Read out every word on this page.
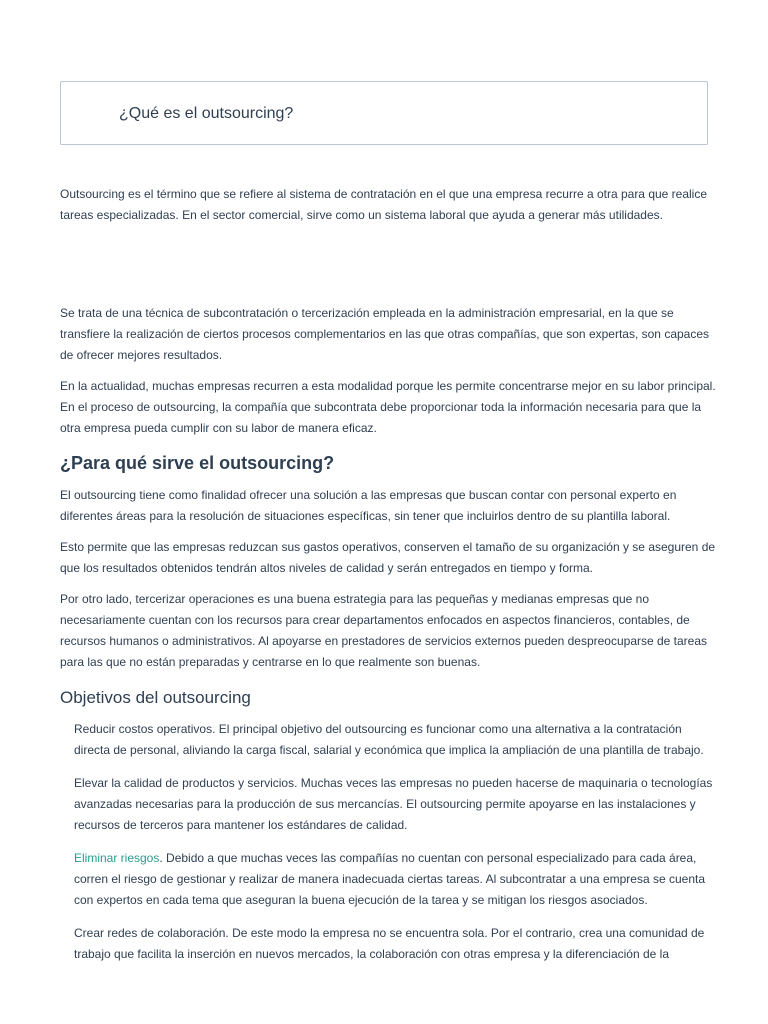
¿Qué es el outsourcing?

Outsourcing es el término que se refiere al sistema de contratación en el que una empresa recurre a otra para que realice tareas especializadas. En el sector comercial, sirve como un sistema laboral que ayuda a generar más utilidades.

Se trata de una técnica de subcontratación o tercerización empleada en la administración empresarial, en la que se transfiere la realización de ciertos procesos complementarios en las que otras compañías, que son expertas, son capaces de ofrecer mejores resultados.

En la actualidad, muchas empresas recurren a esta modalidad porque les permite concentrarse mejor en su labor principal. En el proceso de outsourcing, la compañía que subcontrata debe proporcionar toda la información necesaria para que la otra empresa pueda cumplir con su labor de manera eficaz.

¿Para qué sirve el outsourcing?

El outsourcing tiene como finalidad ofrecer una solución a las empresas que buscan contar con personal experto en diferentes áreas para la resolución de situaciones específicas, sin tener que incluirlos dentro de su plantilla laboral.

Esto permite que las empresas reduzcan sus gastos operativos, conserven el tamaño de su organización y se aseguren de que los resultados obtenidos tendrán altos niveles de calidad y serán entregados en tiempo y forma.

Por otro lado, tercerizar operaciones es una buena estrategia para las pequeñas y medianas empresas que no necesariamente cuentan con los recursos para crear departamentos enfocados en aspectos financieros, contables, de recursos humanos o administrativos. Al apoyarse en prestadores de servicios externos pueden despreocuparse de tareas para las que no están preparadas y centrarse en lo que realmente son buenas.

Objetivos del outsourcing

Reducir costos operativos. El principal objetivo del outsourcing es funcionar como una alternativa a la contratación directa de personal, aliviando la carga fiscal, salarial y económica que implica la ampliación de una plantilla de trabajo.

Elevar la calidad de productos y servicios. Muchas veces las empresas no pueden hacerse de maquinaria o tecnologías avanzadas necesarias para la producción de sus mercancías. El outsourcing permite apoyarse en las instalaciones y recursos de terceros para mantener los estándares de calidad.

Eliminar riesgos. Debido a que muchas veces las compañías no cuentan con personal especializado para cada área, corren el riesgo de gestionar y realizar de manera inadecuada ciertas tareas. Al subcontratar a una empresa se cuenta con expertos en cada tema que aseguran la buena ejecución de la tarea y se mitigan los riesgos asociados.

Crear redes de colaboración. De este modo la empresa no se encuentra sola. Por el contrario, crea una comunidad de trabajo que facilita la inserción en nuevos mercados, la colaboración con otras empresa y la diferenciación de la
